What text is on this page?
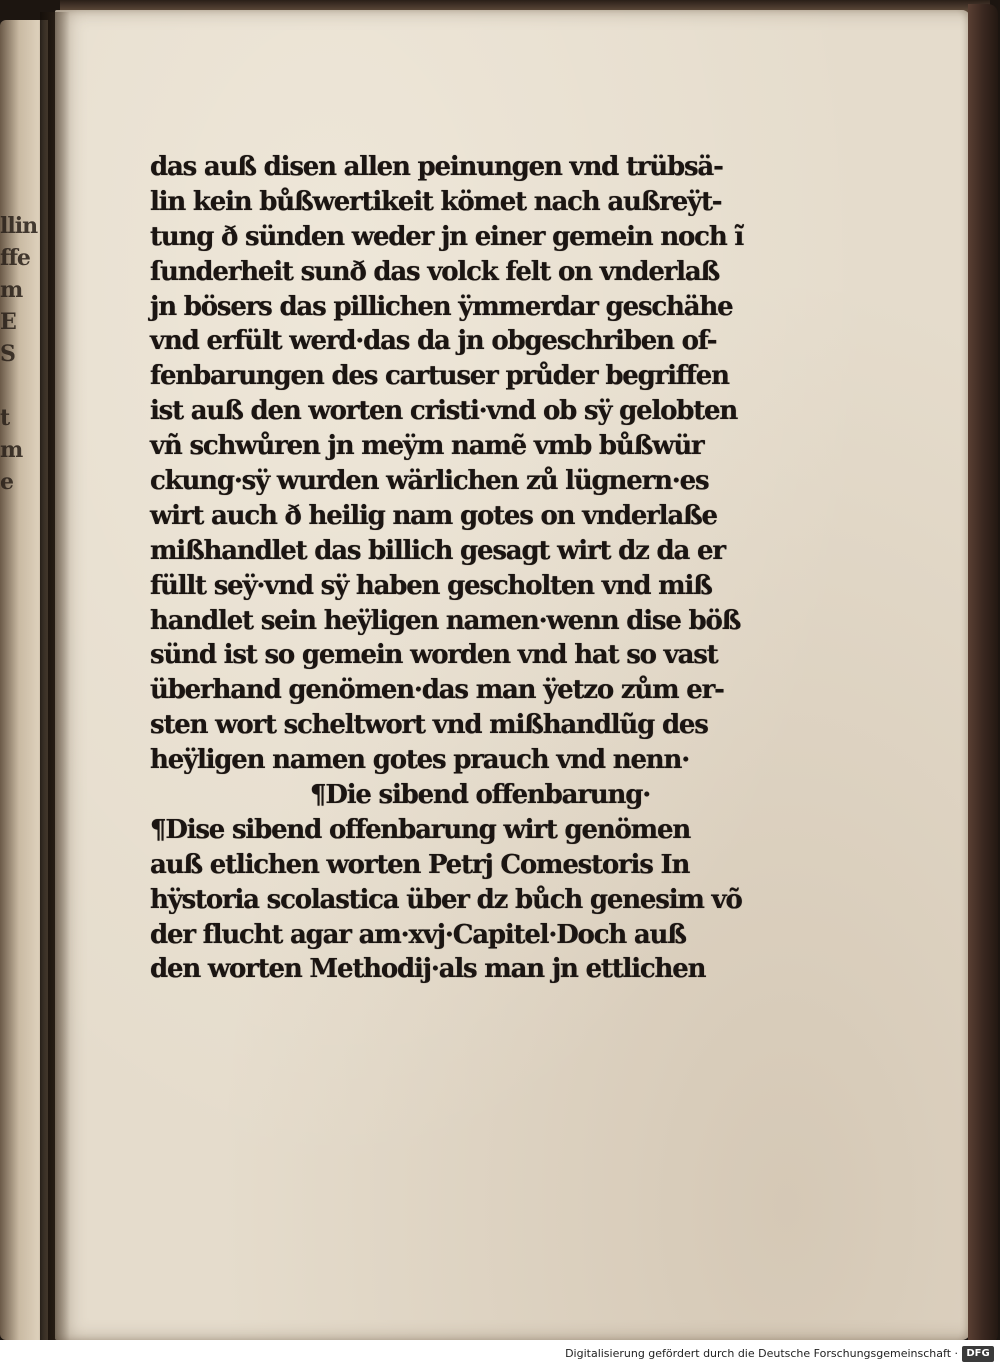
llin
ffe
m
E
S
t
m
e
das auß disen allen peinungen vnd trübsä-
lin kein bůßwertikeit kömet nach außreÿt-
tung ð sünden weder jn einer gemein noch ĩ
ſunderheit sunð das volck felt on vnderlaß
jn bösers das pillichen ÿmmerdar geschähe
vnd erfült werd·das da jn obgeschriben of-
fenbarungen des cartuser průder begriffen
ist auß den worten cristi·vnd ob sÿ gelobten
vñ schwůren jn meÿm namẽ vmb bůßwür
ckung·sÿ wurden wärlichen zů lügnern·es
wirt auch ð heilig nam gotes on vnderlaße
mißhandlet das billich gesagt wirt dz da er
füllt seÿ·vnd sÿ haben gescholten vnd miß
handlet sein heÿligen namen·wenn dise böß
sünd ist so gemein worden vnd hat so vast
überhand genömen·das man ÿetzo zům er-
sten wort scheltwort vnd mißhandlũg des
heÿligen namen gotes prauch vnd nenn·
¶Die sibend offenbarung·
¶Dise sibend offenbarung wirt genömen
auß etlichen worten Petrj Comestoris In
hÿstoria scolastica über dz bůch genesim võ
der flucht agar am·xvj·Capitel·Doch auß
den worten Methodij·als man jn ettlichen
Digitalisierung gefördert durch die Deutsche Forschungsgemeinschaft · DFG
